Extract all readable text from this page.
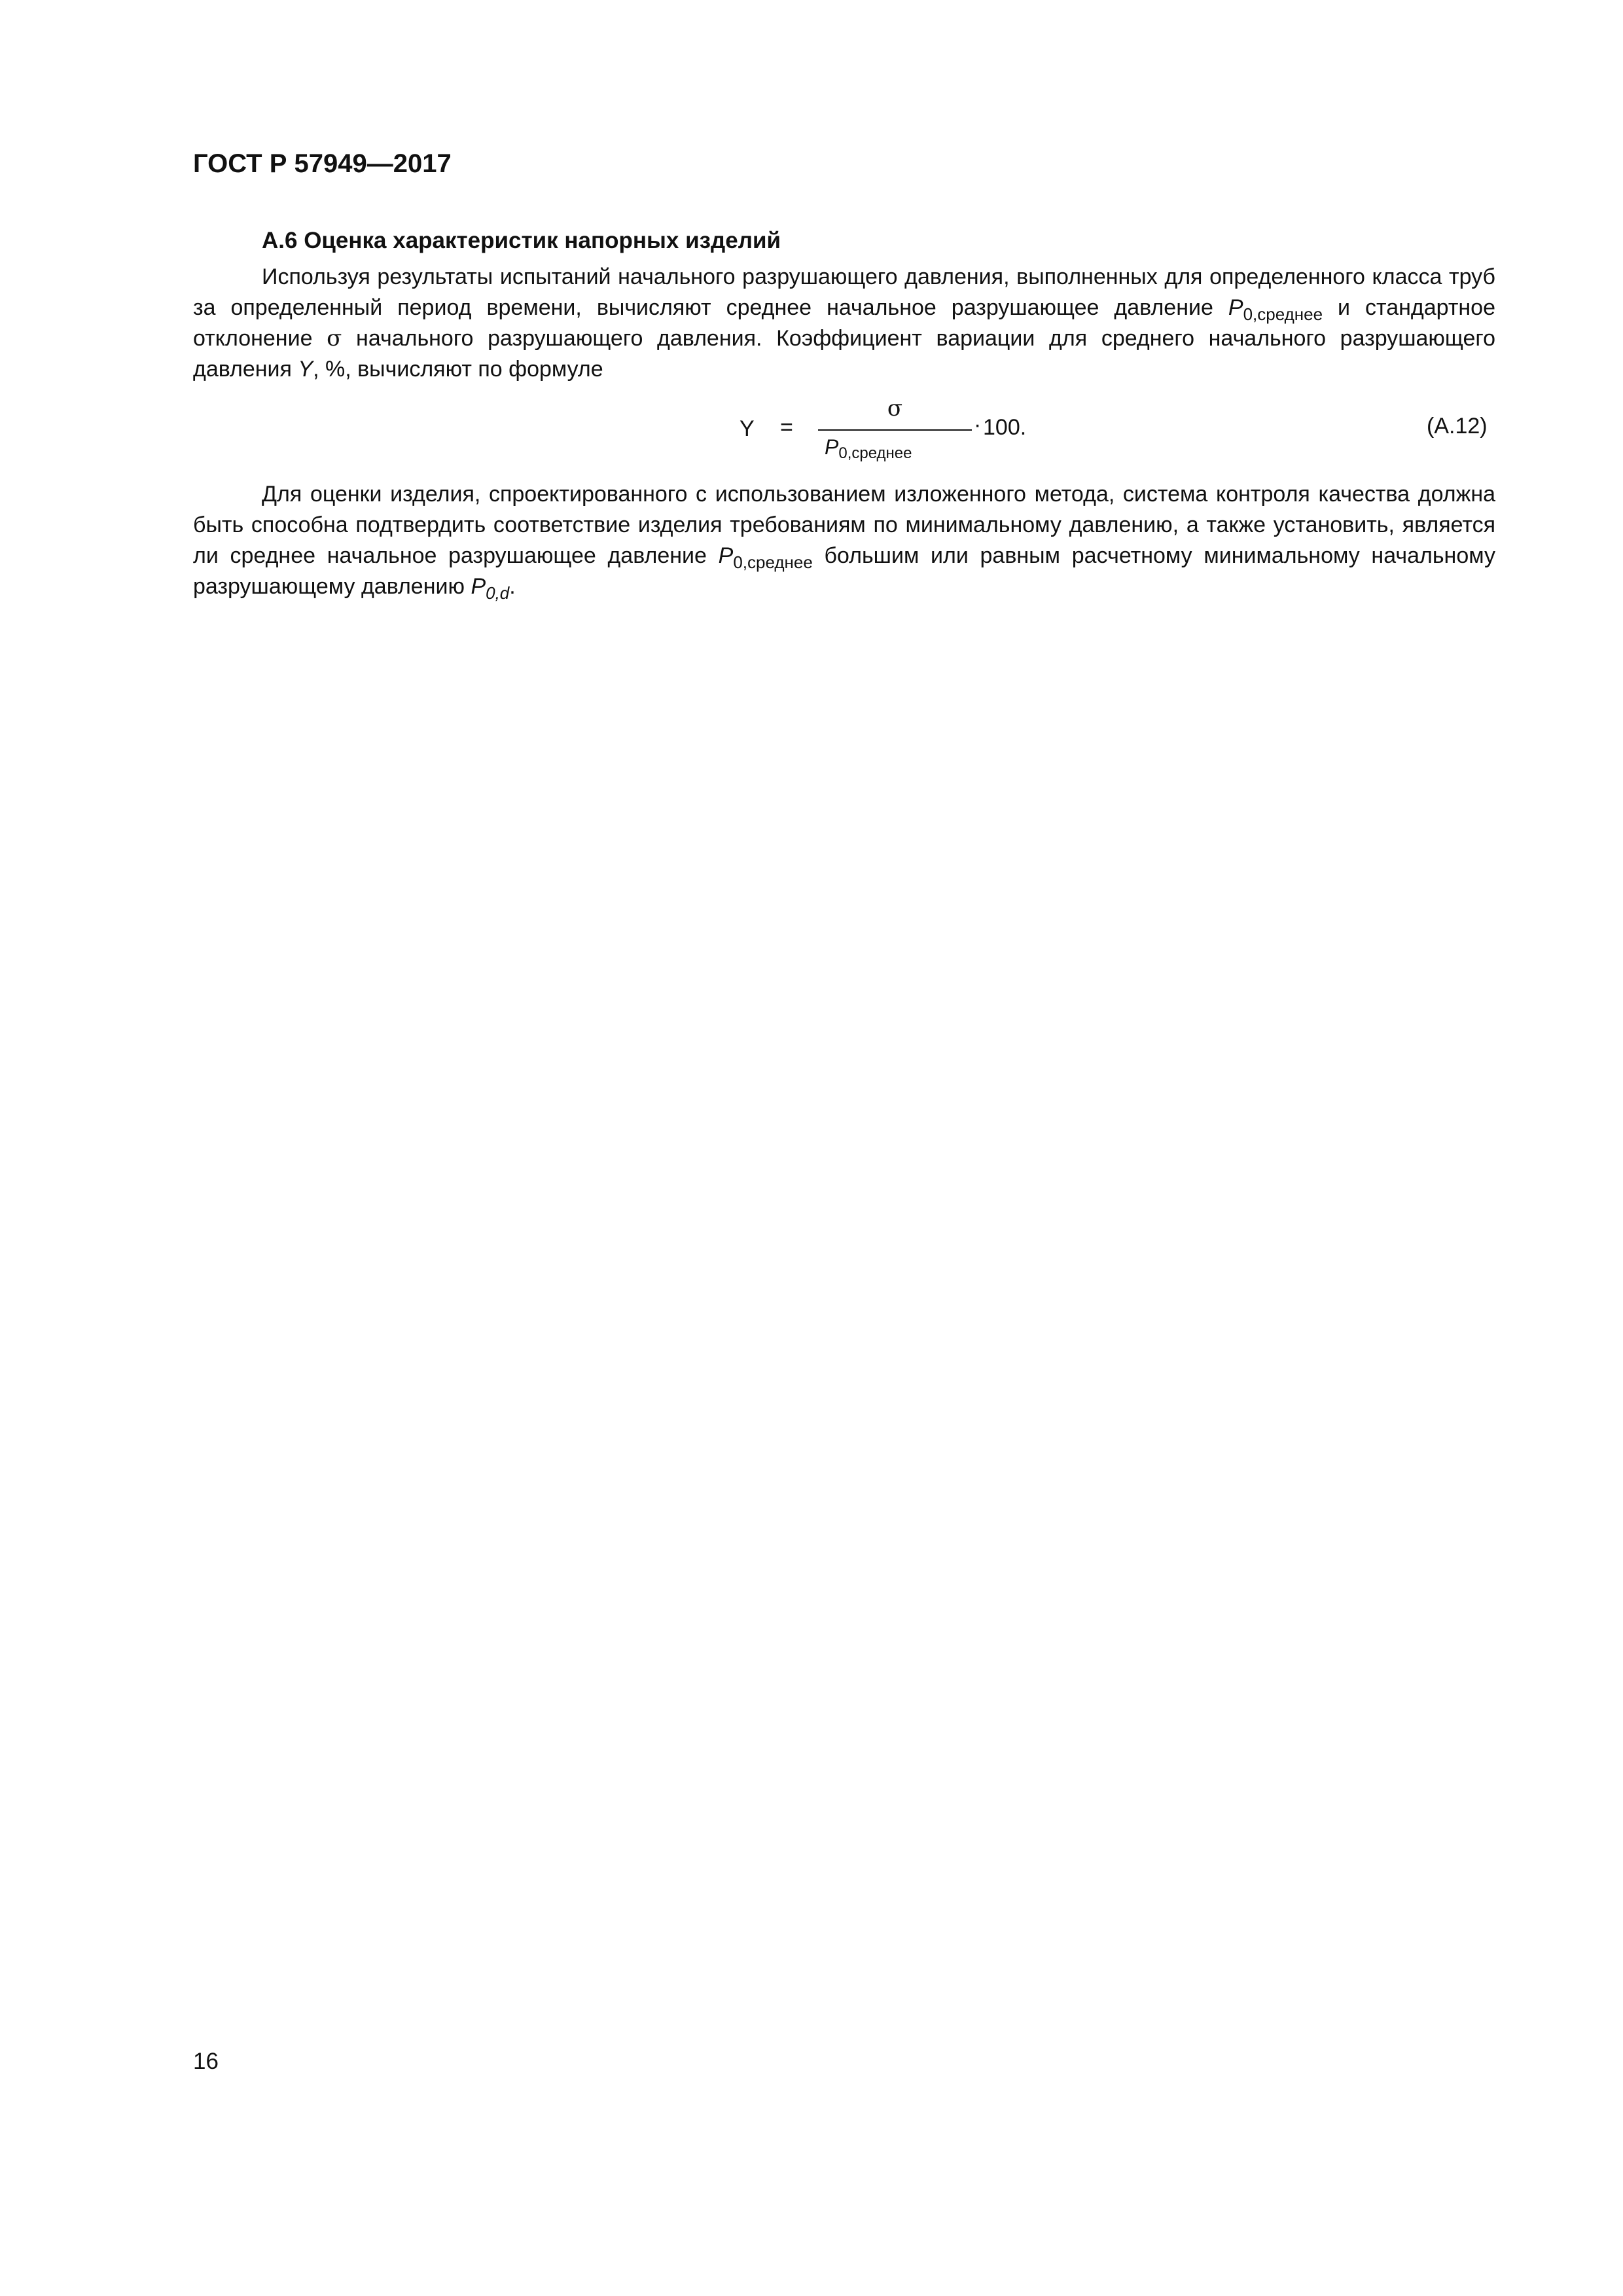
ГОСТ Р 57949—2017
А.6 Оценка характеристик напорных изделий

Используя результаты испытаний начального разрушающего давления, выполненных для определенного класса труб за определенный период времени, вычисляют среднее начальное разрушающее давление $P_{0,среднее}$ и стандартное отклонение σ начального разрушающего давления. Коэффициент вариации для среднего начального разрушающего давления Y, %, вычисляют по формуле

Y =
σ
$P_{0,среднее}$
· 100.	(А.12)

Для оценки изделия, спроектированного с использованием изложенного метода, система контроля качества должна быть способна подтвердить соответствие изделия требованиям по минимальному давлению, а также установить, является ли среднее начальное разрушающее давление $P_{0,среднее}$ большим или равным расчетному минимальному начальному разрушающему давлению $P_{0,d}$.

16
